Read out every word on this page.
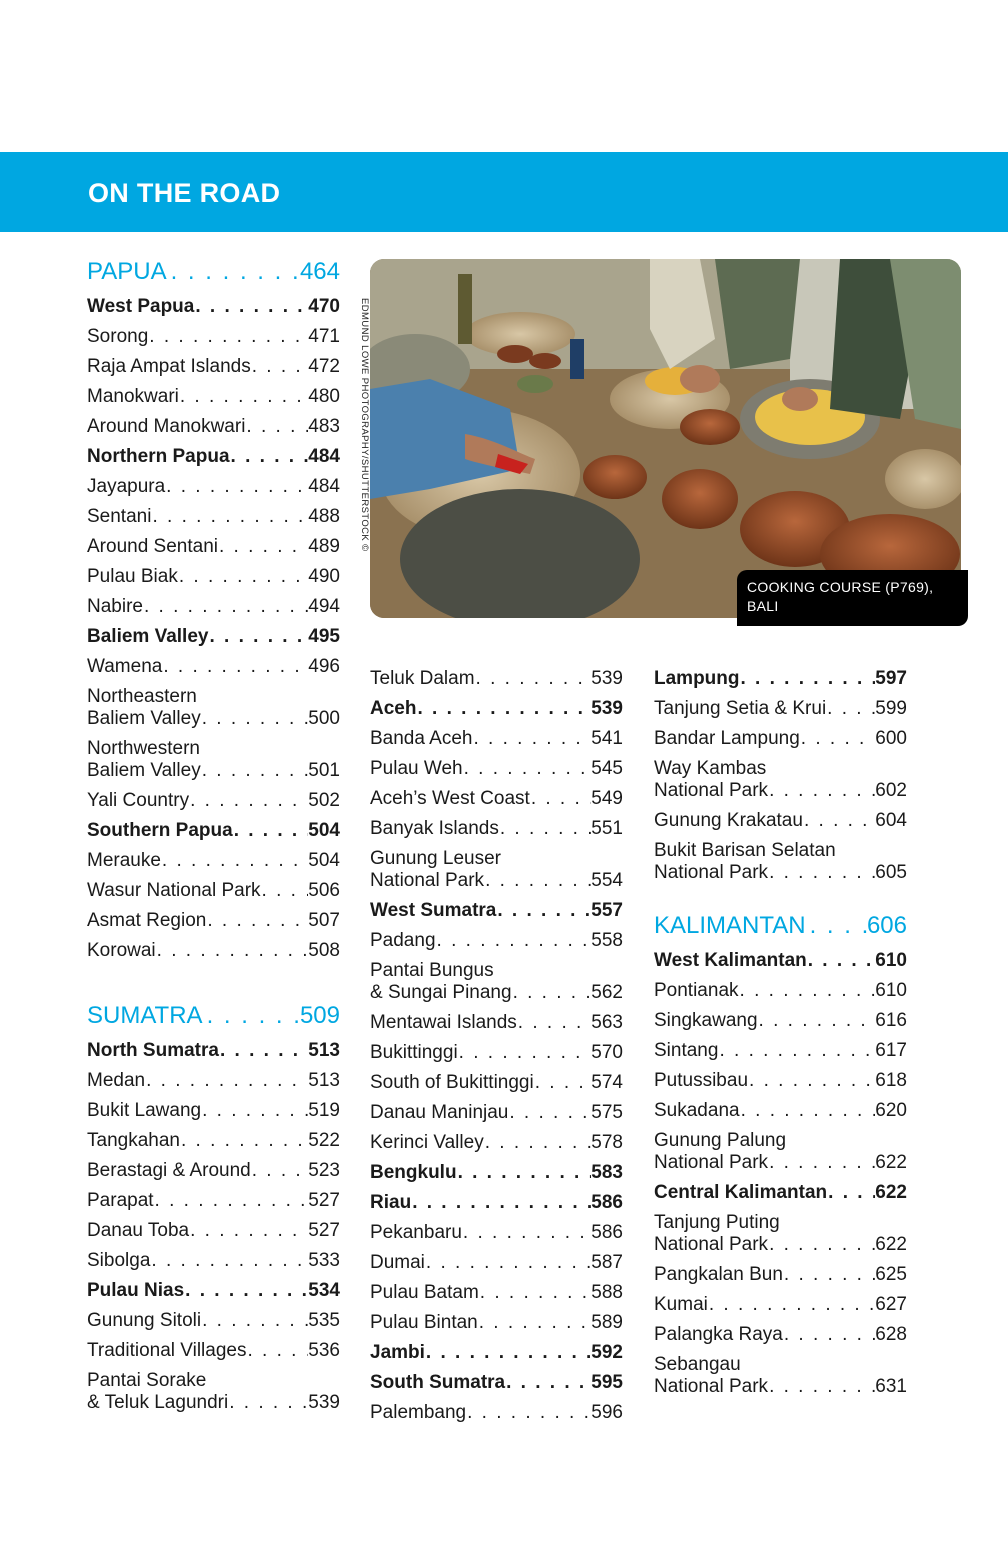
ON THE ROAD
EDMUND LOWE PHOTOGRAPHY/SHUTTERSTOCK ©
COOKING COURSE (P769),
BALI
PAPUA . . .	464
West Papua . . .	470
Sorong . . .	471
Raja Ampat Islands . . .	472
Manokwari . . .	480
Around Manokwari . . .	483
Northern Papua . . .	484
Jayapura . . .	484
Sentani . . .	488
Around Sentani . . .	489
Pulau Biak . . .	490
Nabire . . .	494
Baliem Valley . . .	495
Wamena . . .	496
Northeastern
Baliem Valley . . .	500
Northwestern
Baliem Valley . . .	501
Yali Country . . .	502
Southern Papua . . .	504
Merauke . . .	504
Wasur National Park . . .	506
Asmat Region . . .	507
Korowai . . .	508
SUMATRA . . .	509
North Sumatra . . .	513
Medan . . .	513
Bukit Lawang . . .	519
Tangkahan . . .	522
Berastagi & Around . . .	523
Parapat . . .	527
Danau Toba . . .	527
Sibolga . . .	533
Pulau Nias . . .	534
Gunung Sitoli . . .	535
Traditional Villages . . .	536
Pantai Sorake
& Teluk Lagundri . . .	539
Teluk Dalam . . .	539
Aceh . . .	539
Banda Aceh . . .	541
Pulau Weh . . .	545
Aceh’s West Coast . . .	549
Banyak Islands . . .	551
Gunung Leuser
National Park . . .	554
West Sumatra . . .	557
Padang . . .	558
Pantai Bungus
& Sungai Pinang . . .	562
Mentawai Islands . . .	563
Bukittinggi . . .	570
South of Bukittinggi . . .	574
Danau Maninjau . . .	575
Kerinci Valley . . .	578
Bengkulu . . .	583
Riau . . .	586
Pekanbaru . . .	586
Dumai . . .	587
Pulau Batam . . .	588
Pulau Bintan . . .	589
Jambi . . .	592
South Sumatra . . .	595
Palembang . . .	596
Lampung . . .	597
Tanjung Setia & Krui . . .	599
Bandar Lampung . . .	600
Way Kambas
National Park . . .	602
Gunung Krakatau . . .	604
Bukit Barisan Selatan
National Park . . .	605
KALIMANTAN . . .	606
West Kalimantan . . .	610
Pontianak . . .	610
Singkawang . . .	616
Sintang . . .	617
Putussibau . . .	618
Sukadana . . .	620
Gunung Palung
National Park . . .	622
Central Kalimantan . . .	622
Tanjung Puting
National Park . . .	622
Pangkalan Bun . . .	625
Kumai . . .	627
Palangka Raya . . .	628
Sebangau
National Park . . .	631
